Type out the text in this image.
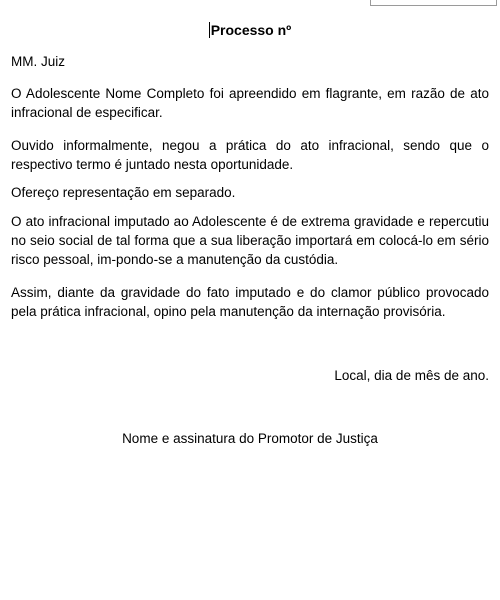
Processo nº

MM. Juiz

O Adolescente Nome Completo foi apreendido em flagrante, em razão de ato infracional de especificar.

Ouvido informalmente, negou a prática do ato infracional, sendo que o respectivo termo é juntado nesta oportunidade.

Ofereço representação em separado.

O ato infracional imputado ao Adolescente é de extrema gravidade e repercutiu no seio social de tal forma que a sua liberação importará em colocá-lo em sério risco pessoal, im-pondo-se a manutenção da custódia.

Assim, diante da gravidade do fato imputado e do clamor público provocado pela prática infracional, opino pela manutenção da internação provisória.

Local, dia de mês de ano.
Nome e assinatura do Promotor de Justiça
